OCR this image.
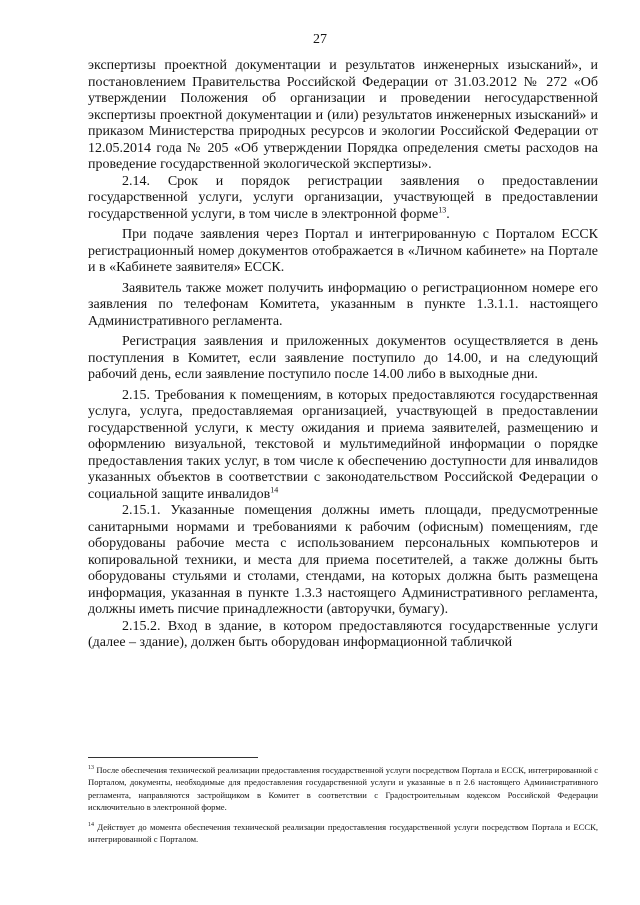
27

экспертизы проектной документации и результатов инженерных изысканий», и постановлением Правительства Российской Федерации от 31.03.2012 № 272 «Об утверждении Положения об организации и проведении негосударственной экспертизы проектной документации и (или) результатов инженерных изысканий» и приказом Министерства природных ресурсов и экологии Российской Федерации от 12.05.2014 года № 205 «Об утверждении Порядка определения сметы расходов на проведение государственной экологической экспертизы».

2.14. Срок и порядок регистрации заявления о предоставлении государственной услуги, услуги организации, участвующей в предоставлении государственной услуги, в том числе в электронной форме$^{13}$.

При подаче заявления через Портал и интегрированную с Порталом ЕССК регистрационный номер документов отображается в «Личном кабинете» на Портале и в «Кабинете заявителя» ЕССК.

Заявитель также может получить информацию о регистрационном номере его заявления по телефонам Комитета, указанным в пункте 1.3.1.1. настоящего Административного регламента.

Регистрация заявления и приложенных документов осуществляется в день поступления в Комитет, если заявление поступило до 14.00, и на следующий рабочий день, если заявление поступило после 14.00 либо в выходные дни.

2.15. Требования к помещениям, в которых предоставляются государственная услуга, услуга, предоставляемая организацией, участвующей в предоставлении государственной услуги, к месту ожидания и приема заявителей, размещению и оформлению визуальной, текстовой и мультимедийной информации о порядке предоставления таких услуг, в том числе к обеспечению доступности для инвалидов указанных объектов в соответствии с законодательством Российской Федерации о социальной защите инвалидов$^{14}$

2.15.1. Указанные помещения должны иметь площади, предусмотренные санитарными нормами и требованиями к рабочим (офисным) помещениям, где оборудованы рабочие места с использованием персональных компьютеров и копировальной техники, и места для приема посетителей, а также должны быть оборудованы стульями и столами, стендами, на которых должна быть размещена информация, указанная в пункте 1.3.3 настоящего Административного регламента, должны иметь писчие принадлежности (авторучки, бумагу).

2.15.2. Вход в здание, в котором предоставляются государственные услуги (далее – здание), должен быть оборудован информационной табличкой

$^{13}$ После обеспечения технической реализации предоставления государственной услуги посредством Портала и ЕССК, интегрированной с Порталом, документы, необходимые для предоставления государственной услуги и указанные в п 2.6 настоящего Административного регламента, направляются застройщиком в Комитет в соответствии с Градостроительным кодексом Российской Федерации исключительно в электронной форме.

$^{14}$ Действует до момента обеспечения технической реализации предоставления государственной услуги посредством Портала и ЕССК, интегрированной с Порталом.
